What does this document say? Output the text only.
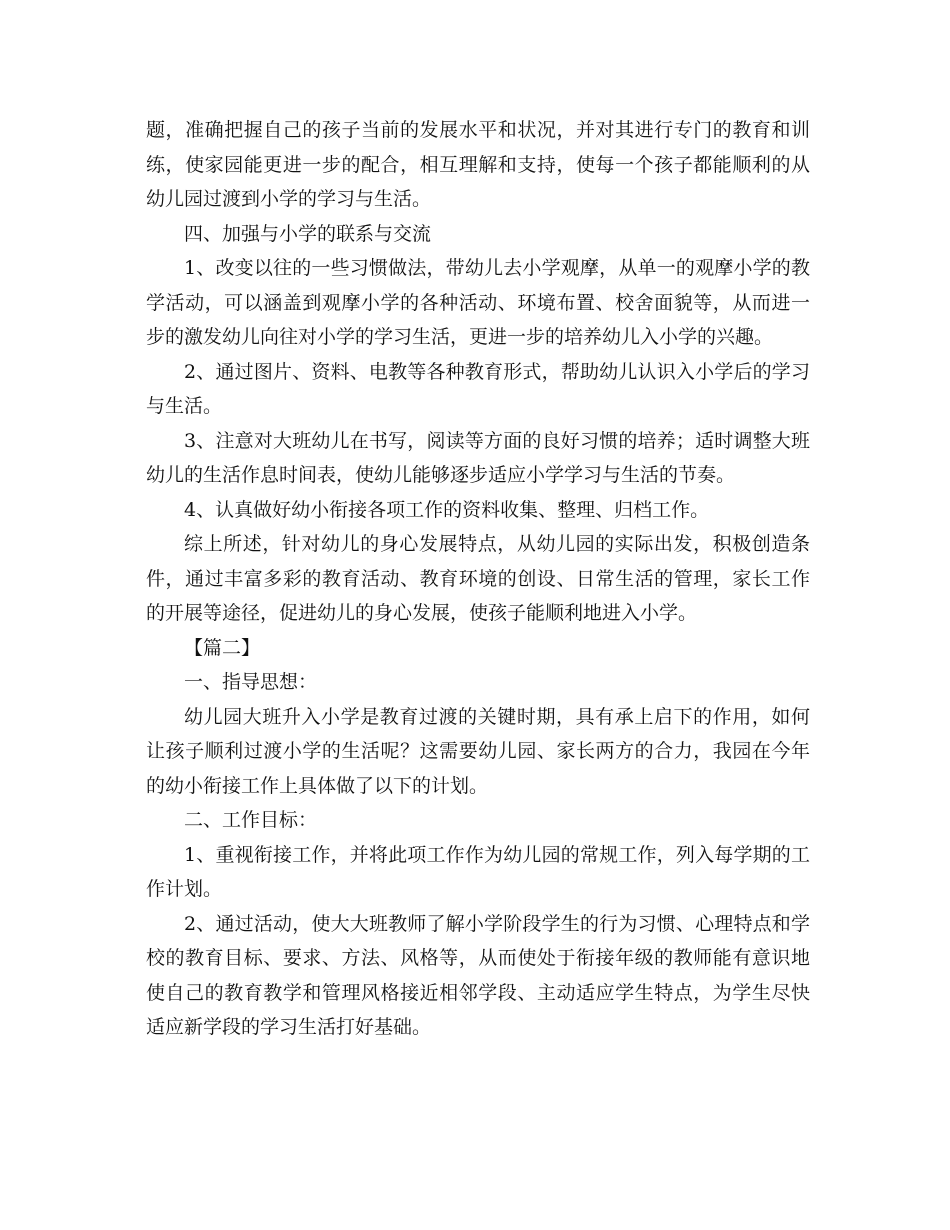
题，准确把握自己的孩子当前的发展水平和状况，并对其进行专门的教育和训练，使家园能更进一步的配合，相互理解和支持，使每一个孩子都能顺利的从幼儿园过渡到小学的学习与生活。

四、加强与小学的联系与交流

1、改变以往的一些习惯做法，带幼儿去小学观摩，从单一的观摩小学的教学活动，可以涵盖到观摩小学的各种活动、环境布置、校舍面貌等，从而进一步的激发幼儿向往对小学的学习生活，更进一步的培养幼儿入小学的兴趣。

2、通过图片、资料、电教等各种教育形式，帮助幼儿认识入小学后的学习与生活。

3、注意对大班幼儿在书写，阅读等方面的良好习惯的培养；适时调整大班幼儿的生活作息时间表，使幼儿能够逐步适应小学学习与生活的节奏。

4、认真做好幼小衔接各项工作的资料收集、整理、归档工作。

综上所述，针对幼儿的身心发展特点，从幼儿园的实际出发，积极创造条件，通过丰富多彩的教育活动、教育环境的创设、日常生活的管理，家长工作的开展等途径，促进幼儿的身心发展，使孩子能顺利地进入小学。

【篇二】

一、指导思想：

幼儿园大班升入小学是教育过渡的关键时期，具有承上启下的作用，如何让孩子顺利过渡小学的生活呢？这需要幼儿园、家长两方的合力，我园在今年的幼小衔接工作上具体做了以下的计划。

二、工作目标：

1、重视衔接工作，并将此项工作作为幼儿园的常规工作，列入每学期的工作计划。

2、通过活动，使大大班教师了解小学阶段学生的行为习惯、心理特点和学校的教育目标、要求、方法、风格等，从而使处于衔接年级的教师能有意识地使自己的教育教学和管理风格接近相邻学段、主动适应学生特点，为学生尽快适应新学段的学习生活打好基础。
